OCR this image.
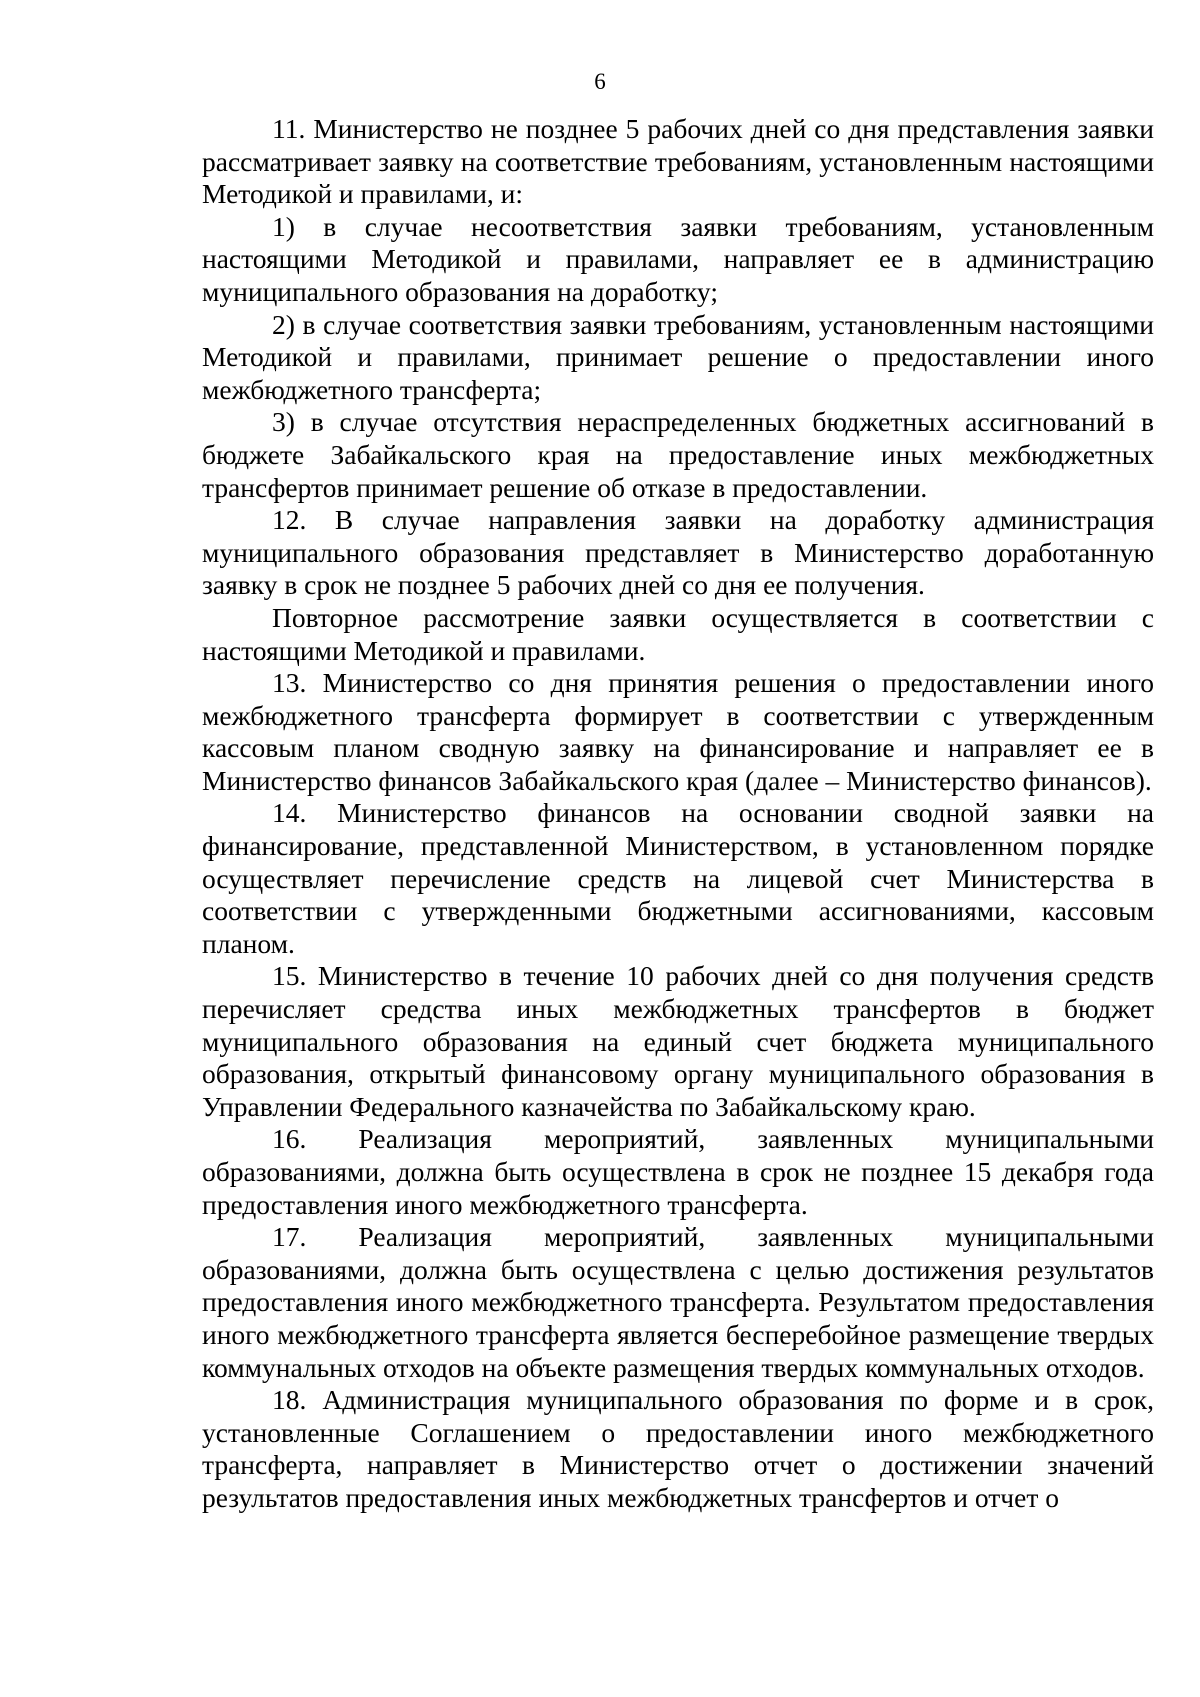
6

11. Министерство не позднее 5 рабочих дней со дня представления заявки рассматривает заявку на соответствие требованиям, установленным настоящими Методикой и правилами, и:

1) в случае несоответствия заявки требованиям, установленным настоящими Методикой и правилами, направляет ее в администрацию муниципального образования на доработку;

2) в случае соответствия заявки требованиям, установленным настоящими Методикой и правилами, принимает решение о предоставлении иного межбюджетного трансферта;

3) в случае отсутствия нераспределенных бюджетных ассигнований в бюджете Забайкальского края на предоставление иных межбюджетных трансфертов принимает решение об отказе в предоставлении.

12. В случае направления заявки на доработку администрация муниципального образования представляет в Министерство доработанную заявку в срок не позднее 5 рабочих дней со дня ее получения.

Повторное рассмотрение заявки осуществляется в соответствии с настоящими Методикой и правилами.

13. Министерство со дня принятия решения о предоставлении иного межбюджетного трансферта формирует в соответствии с утвержденным кассовым планом сводную заявку на финансирование и направляет ее в Министерство финансов Забайкальского края (далее – Министерство финансов).

14. Министерство финансов на основании сводной заявки на финансирование, представленной Министерством, в установленном порядке осуществляет перечисление средств на лицевой счет Министерства в соответствии с утвержденными бюджетными ассигнованиями, кассовым планом.

15. Министерство в течение 10 рабочих дней со дня получения средств перечисляет средства иных межбюджетных трансфертов в бюджет муниципального образования на единый счет бюджета муниципального образования, открытый финансовому органу муниципального образования в Управлении Федерального казначейства по Забайкальскому краю.

16. Реализация мероприятий, заявленных муниципальными образованиями, должна быть осуществлена в срок не позднее 15 декабря года предоставления иного межбюджетного трансферта.

17. Реализация мероприятий, заявленных муниципальными образованиями, должна быть осуществлена с целью достижения результатов предоставления иного межбюджетного трансферта. Результатом предоставления иного межбюджетного трансферта является бесперебойное размещение твердых коммунальных отходов на объекте размещения твердых коммунальных отходов.

18. Администрация муниципального образования по форме и в срок, установленные Соглашением о предоставлении иного межбюджетного трансферта, направляет в Министерство отчет о достижении значений результатов предоставления иных межбюджетных трансфертов и отчет о
